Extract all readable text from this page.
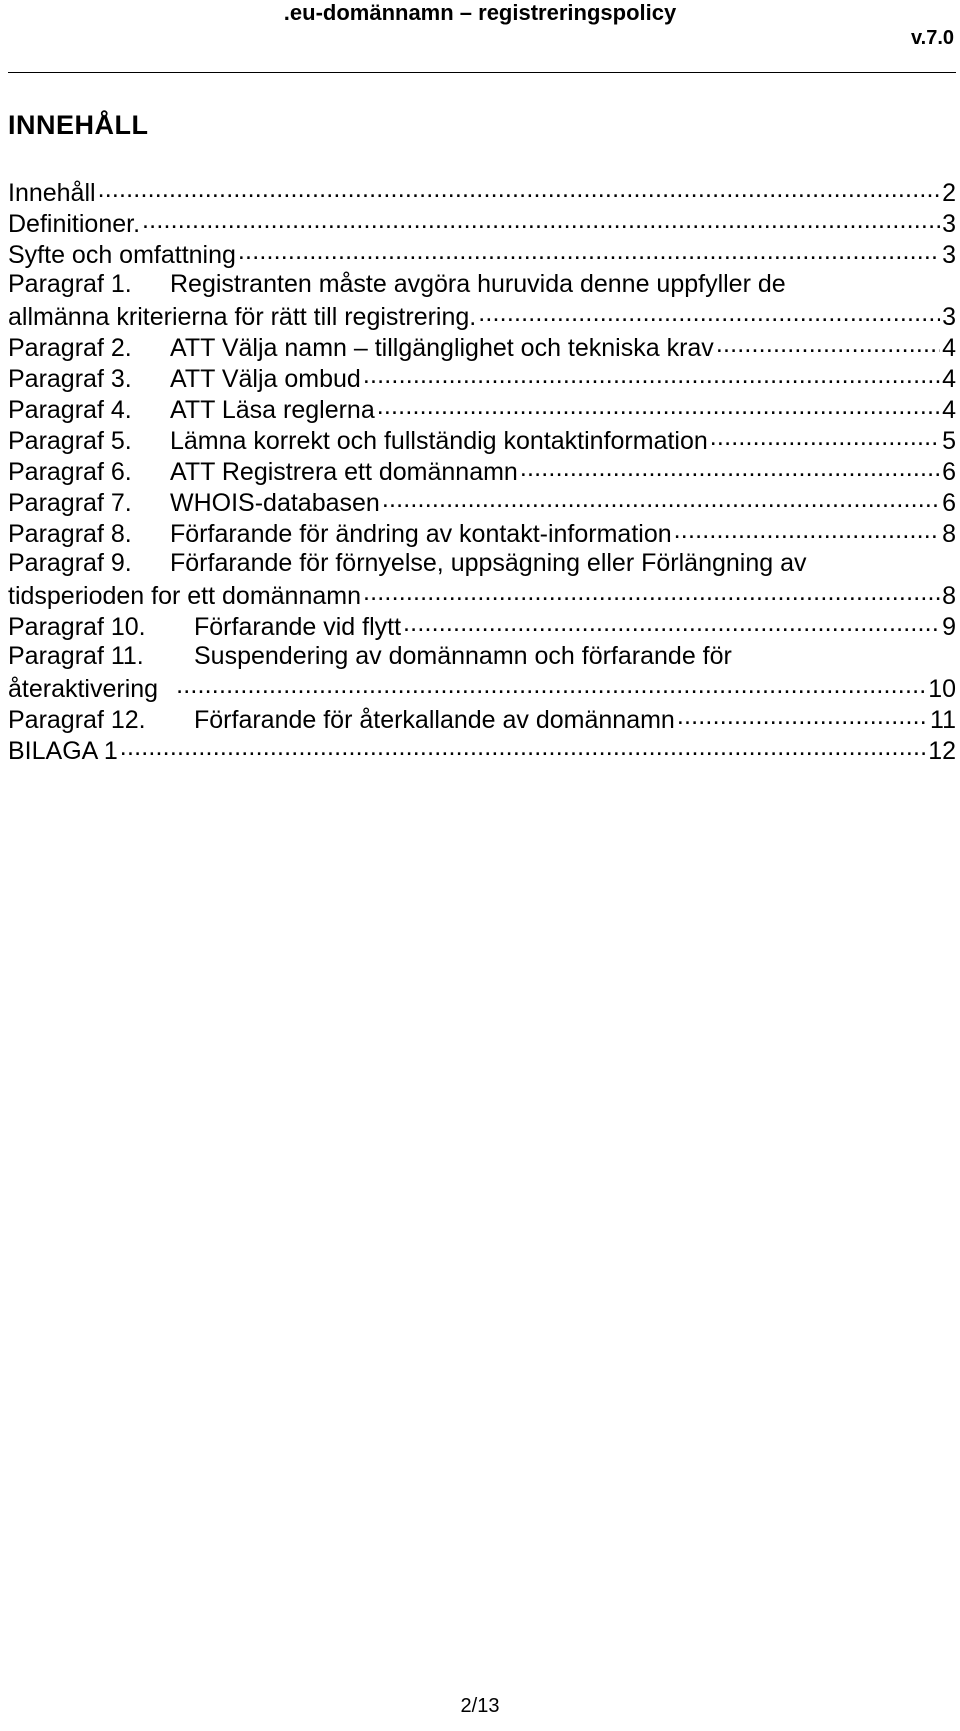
.eu-domännamn – registreringspolicy
v.7.0
INNEHÅLL
Innehåll .....	2
Definitioner. .....	3
Syfte och omfattning .....	3
Paragraf 1.	Registranten måste avgöra huruvida denne uppfyller de
allmänna kriterierna för rätt till registrering. .....	3
Paragraf 2.	ATT Välja namn – tillgänglighet och tekniska krav .....	4
Paragraf 3.	ATT Välja ombud .....	4
Paragraf 4.	ATT Läsa reglerna .....	4
Paragraf 5.	Lämna korrekt och fullständig kontaktinformation .....	5
Paragraf 6.	ATT Registrera ett domännamn .....	6
Paragraf 7.	WHOIS-databasen .....	6
Paragraf 8.	Förfarande för ändring av kontakt-information .....	8
Paragraf 9.	Förfarande för förnyelse, uppsägning eller Förlängning av
tidsperioden for ett domännamn .....	8
Paragraf 10.	Förfarande vid flytt .....	9
Paragraf 11.	Suspendering av domännamn och förfarande för
återaktivering .....	10
Paragraf 12.	Förfarande för återkallande av domännamn .....	11
BILAGA 1 .....	12
2/13
